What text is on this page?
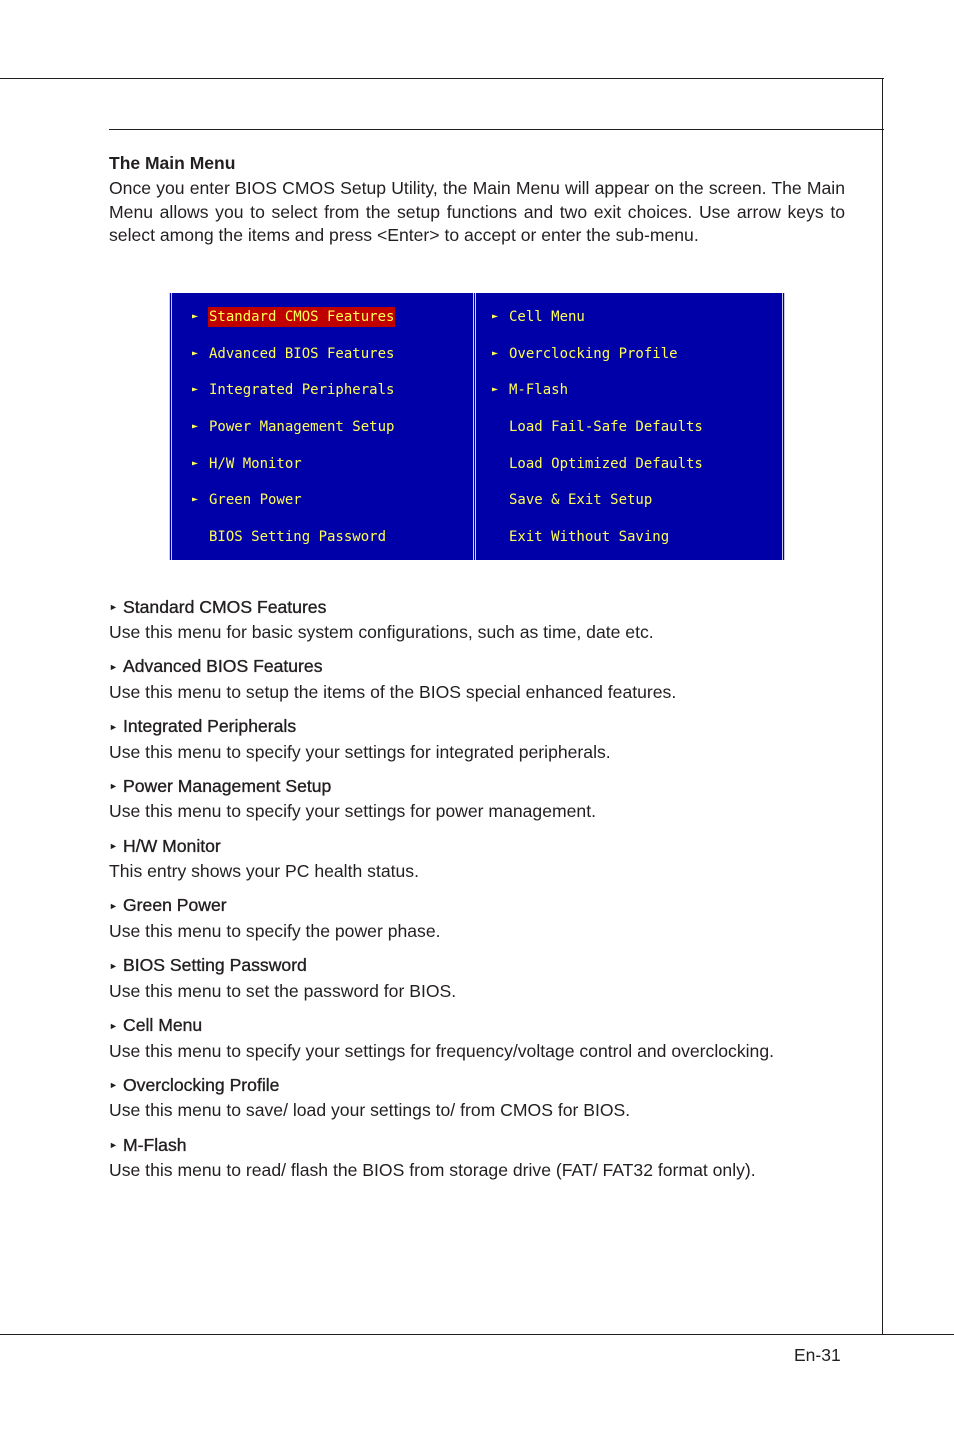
The Main Menu

Once you enter BIOS CMOS Setup Utility, the Main Menu will appear on the screen. The Main Menu allows you to select from the setup functions and two exit choices. Use arrow keys to select among the items and press <Enter> to accept or enter the sub-menu.

► Standard CMOS Features
► Advanced BIOS Features
► Integrated Peripherals
► Power Management Setup
► H/W Monitor
► Green Power
BIOS Setting Password
► Cell Menu
► Overclocking Profile
► M-Flash
Load Fail-Safe Defaults
Load Optimized Defaults
Save & Exit Setup
Exit Without Saving
► Standard CMOS Features
Use this menu for basic system configurations, such as time, date etc.
► Advanced BIOS Features
Use this menu to setup the items of the BIOS special enhanced features.
► Integrated Peripherals
Use this menu to specify your settings for integrated peripherals.
► Power Management Setup
Use this menu to specify your settings for power management.
► H/W Monitor
This entry shows your PC health status.
► Green Power
Use this menu to specify the power phase.
► BIOS Setting Password
Use this menu to set the password for BIOS.
► Cell Menu
Use this menu to specify your settings for frequency/voltage control and overclocking.
► Overclocking Profile
Use this menu to save/ load your settings to/ from CMOS for BIOS.
► M-Flash
Use this menu to read/ flash the BIOS from storage drive (FAT/ FAT32 format only).
En-31
